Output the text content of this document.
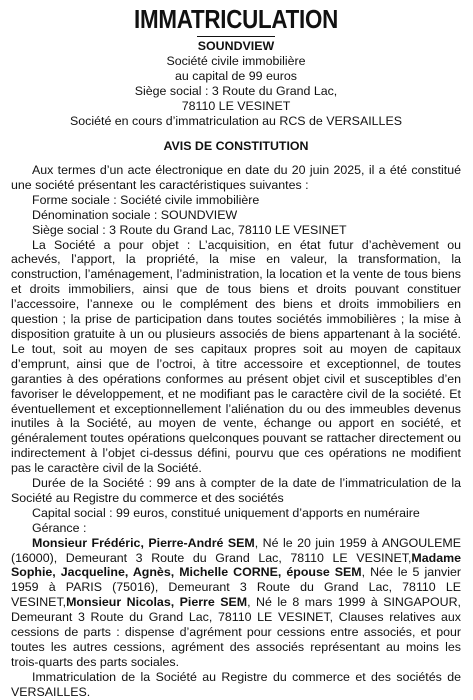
IMMATRICULATION
SOUNDVIEW
Société civile immobilière
au capital de 99 euros
Siège social : 3 Route du Grand Lac,
78110 LE VESINET
Société en cours d’immatriculation au RCS de VERSAILLES
AVIS DE CONSTITUTION

Aux termes d’un acte électronique en date du 20 juin 2025, il a été constitué une société présentant les caractéristiques suivantes :

Forme sociale : Société civile immobilière

Dénomination sociale : SOUNDVIEW

Siège social : 3 Route du Grand Lac, 78110 LE VESINET

La Société a pour objet : L’acquisition, en état futur d’achèvement ou achevés, l’apport, la propriété, la mise en valeur, la transformation, la construction, l’aménagement, l’administration, la location et la vente de tous biens et droits immobiliers, ainsi que de tous biens et droits pouvant constituer l’accessoire, l’annexe ou le complément des biens et droits immobiliers en question ; la prise de participation dans toutes sociétés immobilières ; la mise à disposition gratuite à un ou plusieurs associés de biens appartenant à la société. Le tout, soit au moyen de ses capitaux propres soit au moyen de capitaux d’emprunt, ainsi que de l’octroi, à titre accessoire et exceptionnel, de toutes garanties à des opérations conformes au présent objet civil et susceptibles d’en favoriser le développement, et ne modifiant pas le caractère civil de la société. Et éventuellement et exceptionnellement l’aliénation du ou des immeubles devenus inutiles à la Société, au moyen de vente, échange ou apport en société, et généralement toutes opérations quelconques pouvant se rattacher directement ou indirectement à l’objet ci-dessus défini, pourvu que ces opérations ne modifient pas le caractère civil de la Société.

Durée de la Société : 99 ans à compter de la date de l’immatriculation de la Société au Registre du commerce et des sociétés

Capital social : 99 euros, constitué uniquement d’apports en numéraire

Gérance :

Monsieur Frédéric, Pierre-André SEM, Né le 20 juin 1959 à ANGOULEME (16000), Demeurant 3 Route du Grand Lac, 78110 LE VESINET,Madame Sophie, Jacqueline, Agnès, Michelle CORNE, épouse SEM, Née le 5 janvier 1959 à PARIS (75016), Demeurant 3 Route du Grand Lac, 78110 LE VESINET,Monsieur Nicolas, Pierre SEM, Né le 8 mars 1999 à SINGAPOUR, Demeurant 3 Route du Grand Lac, 78110 LE VESINET, Clauses relatives aux cessions de parts : dispense d’agrément pour cessions entre associés, et pour toutes les autres cessions, agrément des associés représentant au moins les trois-quarts des parts sociales.

Immatriculation de la Société au Registre du commerce et des sociétés de VERSAILLES.
